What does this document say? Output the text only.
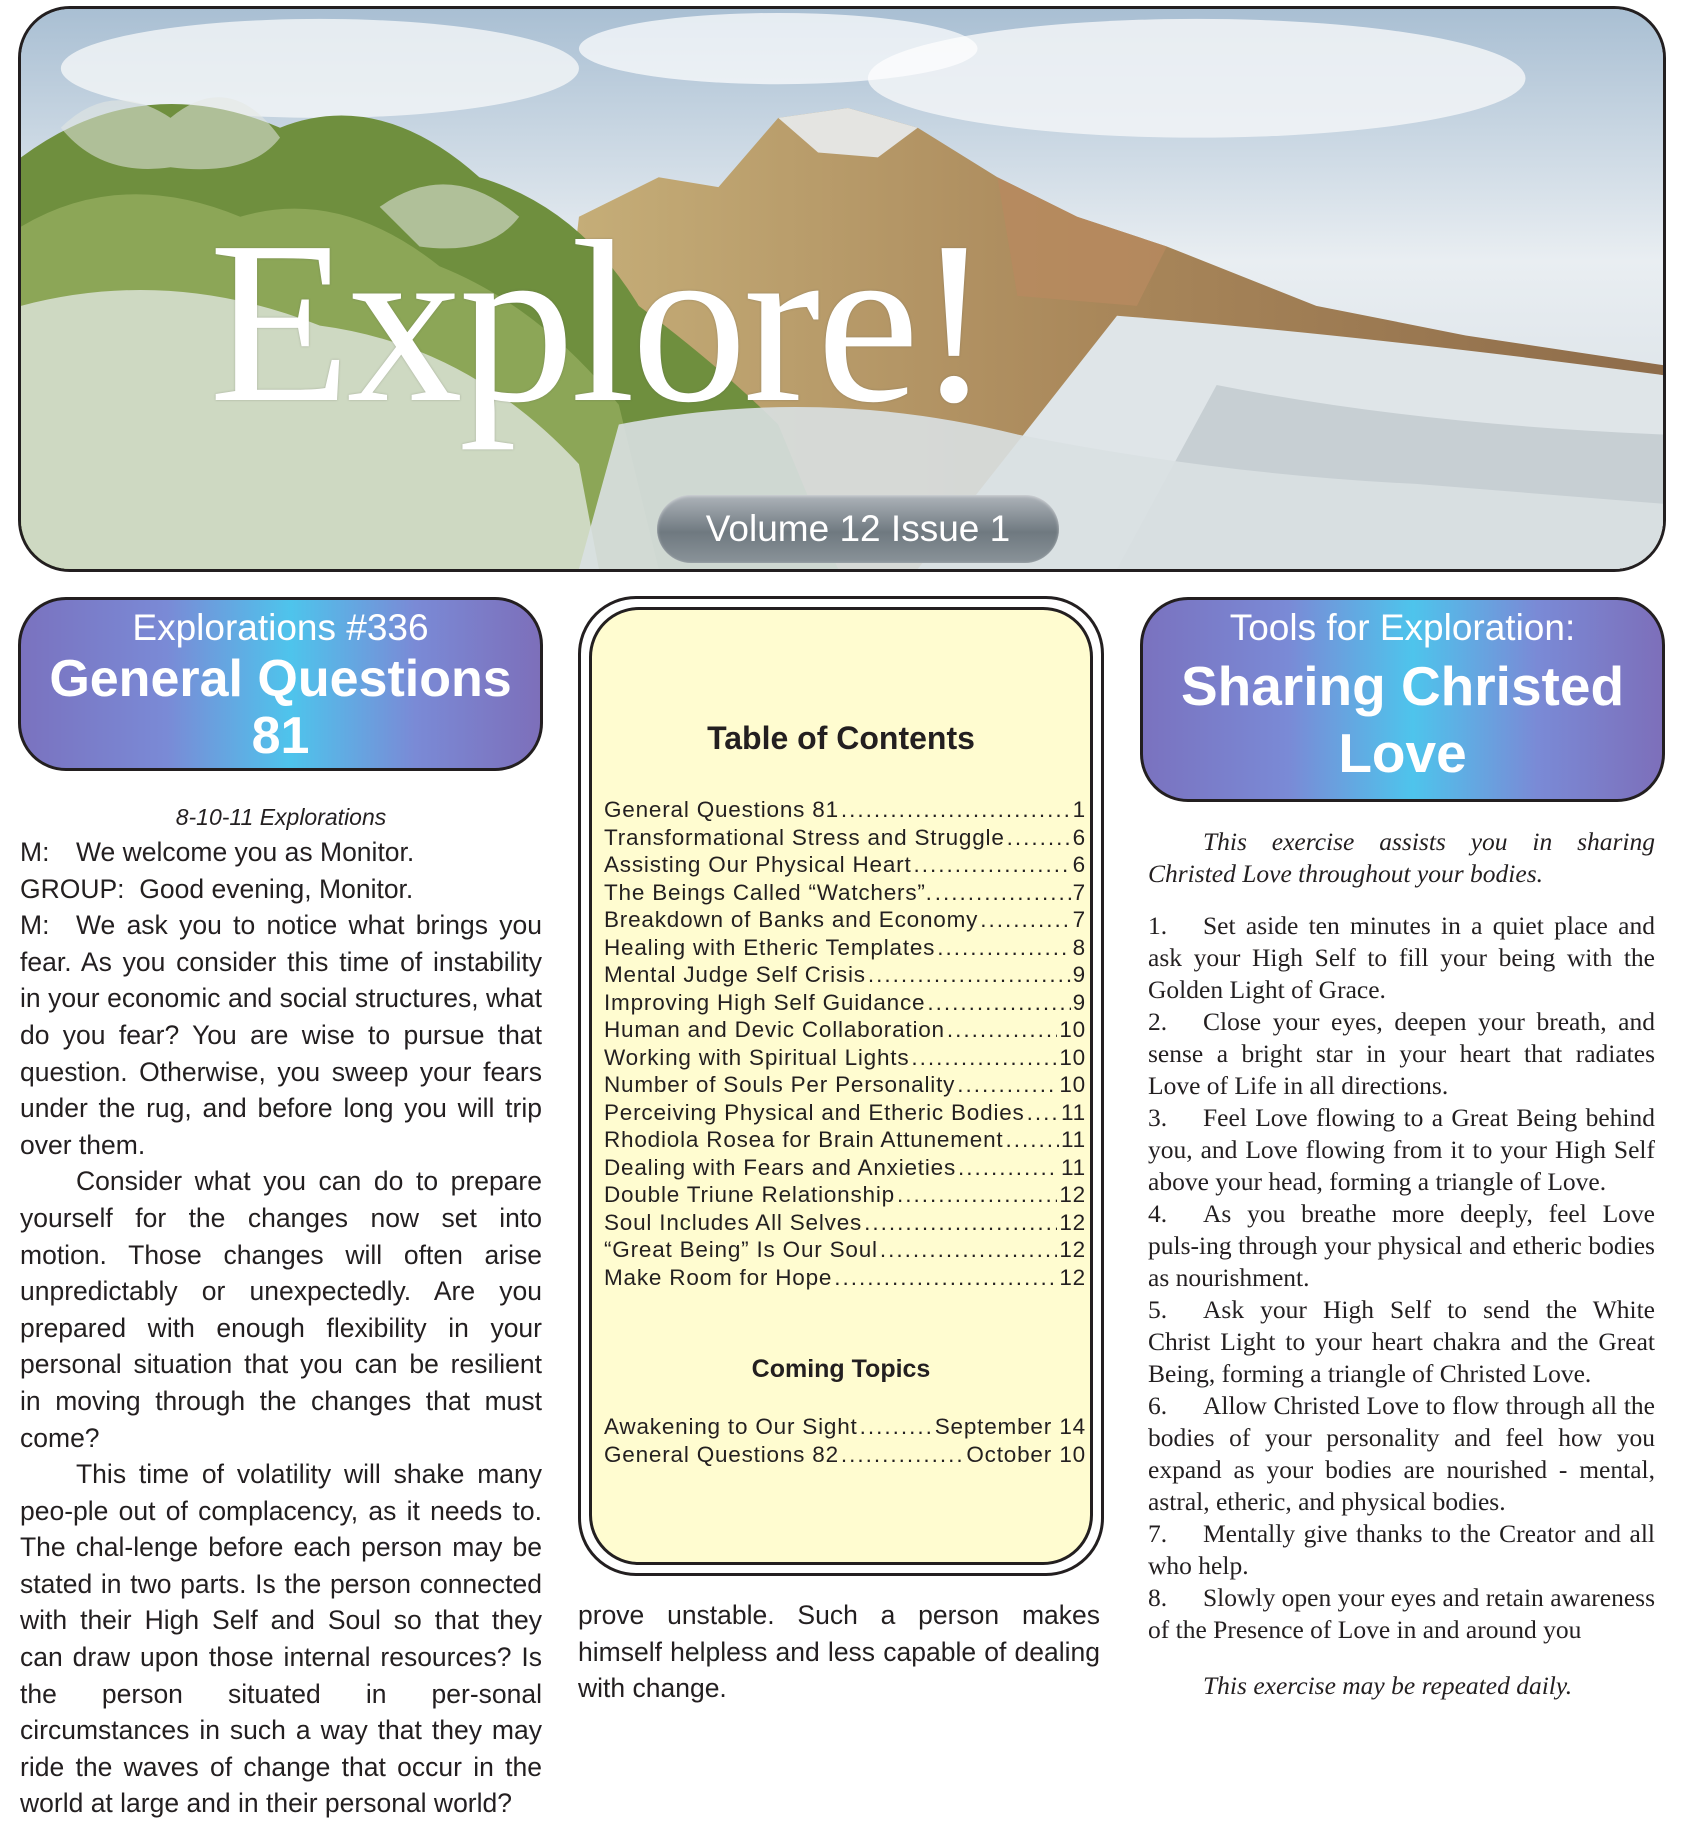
Explore!
Volume 12 Issue 1
Explorations #336
General Questions 81
Tools for Exploration:
Sharing Christed
Love

8-10-11 Explorations

M: We welcome you as Monitor.

GROUP: Good evening, Monitor.

M: We ask you to notice what brings you fear. As you consider this time of instability in your economic and social structures, what do you fear? You are wise to pursue that question. Otherwise, you sweep your fears under the rug, and before long you will trip over them.

Consider what you can do to prepare yourself for the changes now set into motion. Those changes will often arise unpredictably or unexpectedly. Are you prepared with enough flexibility in your personal situation that you can be resilient in moving through the changes that must come?

This time of volatility will shake many peo-ple out of complacency, as it needs to. The chal-lenge before each person may be stated in two parts. Is the person connected with their High Self and Soul so that they can draw upon those internal resources? Is the person situated in per-sonal circumstances in such a way that they may ride the waves of change that occur in the world at large and in their personal world?

prove unstable. Such a person makes himself helpless and less capable of dealing with change.

Table of Contents
General Questions 81 .....	1
Transformational Stress and Struggle .....	6
Assisting Our Physical Heart .....	6
The Beings Called “Watchers”. .....	7
Breakdown of Banks and Economy .....	7
Healing with Etheric Templates .....	8
Mental Judge Self Crisis .....	9
Improving High Self Guidance .....	9
Human and Devic Collaboration .....	10
Working with Spiritual Lights .....	10
Number of Souls Per Personality .....	10
Perceiving Physical and Etheric Bodies ..... 11
Rhodiola Rosea for Brain Attunement .....	11
Dealing with Fears and Anxieties .....	11
Double Triune Relationship .....	12
Soul Includes All Selves .....	12
“Great Being” Is Our Soul .....	12
Make Room for Hope .....	12
Coming Topics
Awakening to Our Sight .....	September 14
General Questions 82 .....	October 10

This exercise assists you in sharing Christed Love throughout your bodies.

1. Set aside ten minutes in a quiet place and ask your High Self to fill your being with the Golden Light of Grace.

2. Close your eyes, deepen your breath, and sense a bright star in your heart that radiates Love of Life in all directions.

3. Feel Love flowing to a Great Being behind you, and Love flowing from it to your High Self above your head, forming a triangle of Love.

4. As you breathe more deeply, feel Love puls-ing through your physical and etheric bodies as nourishment.

5. Ask your High Self to send the White Christ Light to your heart chakra and the Great Being, forming a triangle of Christed Love.

6. Allow Christed Love to flow through all the bodies of your personality and feel how you expand as your bodies are nourished - mental, astral, etheric, and physical bodies.

7. Mentally give thanks to the Creator and all who help.

8. Slowly open your eyes and retain awareness of the Presence of Love in and around you

This exercise may be repeated daily.
